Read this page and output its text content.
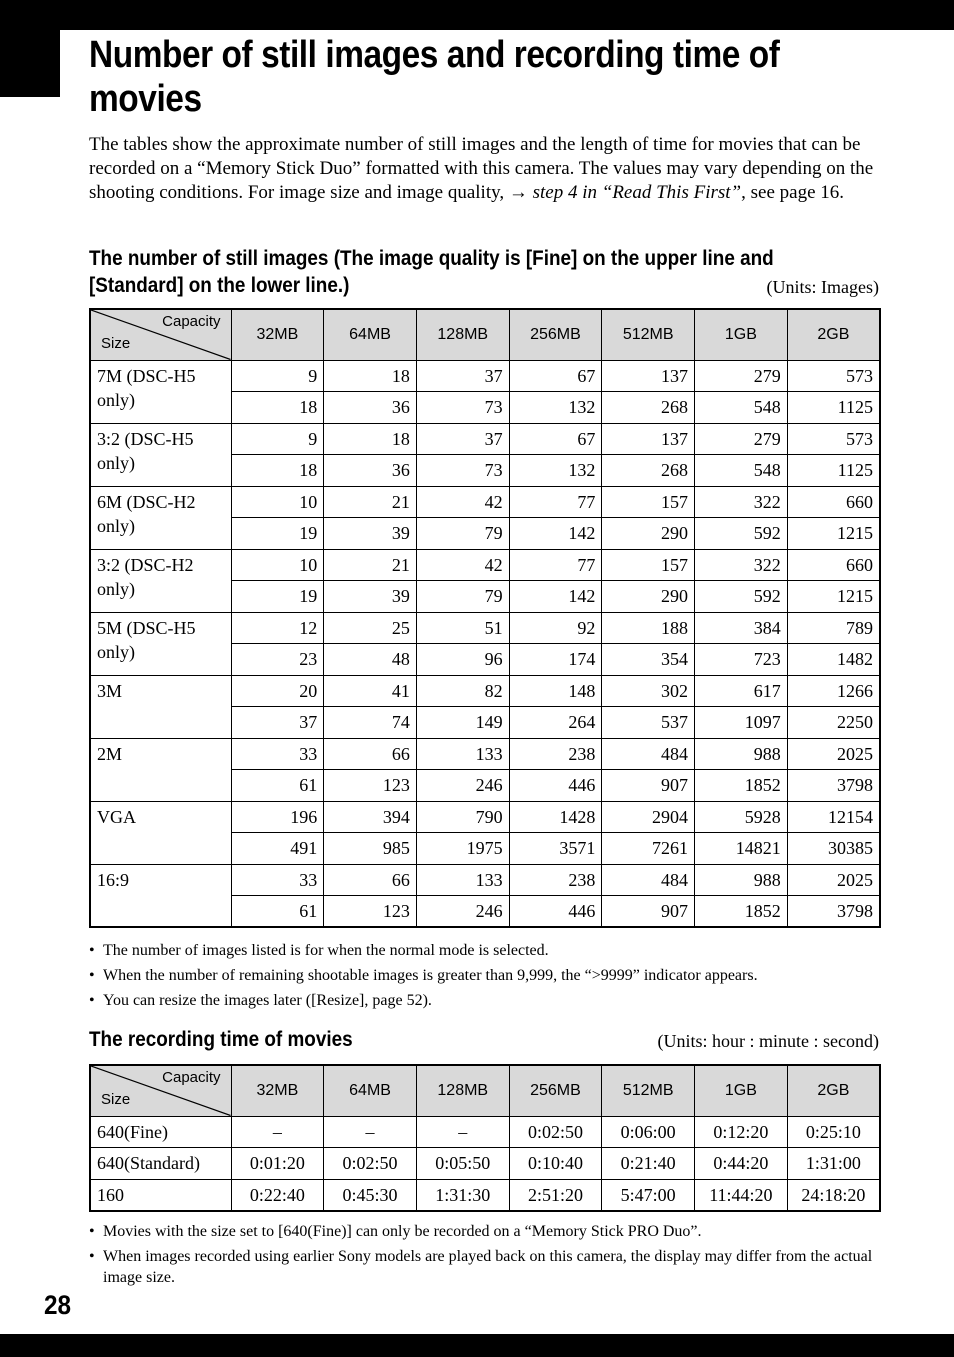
Number of still images and recording time of movies

The tables show the approximate number of still images and the length of time for movies that can be recorded on a “Memory Stick Duo” formatted with this camera. The values may vary depending on the shooting conditions. For image size and image quality, → step 4 in “Read This First”, see page 16.

The number of still images (The image quality is [Fine] on the upper line and [Standard] on the lower line.)	(Units: Images)
Capacity
Size	32MB	64MB	128MB	256MB	512MB	1GB	2GB
7M (DSC-H5 only)	9	18	37	67	137	279	573
	18	36	73	132	268	548	1125
3:2 (DSC-H5 only)	9	18	37	67	137	279	573
	18	36	73	132	268	548	1125
6M (DSC-H2 only)	10	21	42	77	157	322	660
	19	39	79	142	290	592	1215
3:2 (DSC-H2 only)	10	21	42	77	157	322	660
	19	39	79	142	290	592	1215
5M (DSC-H5 only)	12	25	51	92	188	384	789
	23	48	96	174	354	723	1482
3M	20	41	82	148	302	617	1266
	37	74	149	264	537	1097	2250
2M	33	66	133	238	484	988	2025
	61	123	246	446	907	1852	3798
VGA	196	394	790	1428	2904	5928	12154
	491	985	1975	3571	7261	14821	30385
16:9	33	66	133	238	484	988	2025
	61	123	246	446	907	1852	3798
• The number of images listed is for when the normal mode is selected.
• When the number of remaining shootable images is greater than 9,999, the “>9999” indicator appears.
• You can resize the images later ([Resize], page 52).
The recording time of movies	(Units: hour : minute : second)
Capacity
Size	32MB	64MB	128MB	256MB	512MB	1GB	2GB
640(Fine)	–	–	–	0:02:50	0:06:00	0:12:20	0:25:10
640(Standard)	0:01:20	0:02:50	0:05:50	0:10:40	0:21:40	0:44:20	1:31:00
160	0:22:40	0:45:30	1:31:30	2:51:20	5:47:00	11:44:20	24:18:20
• Movies with the size set to [640(Fine)] can only be recorded on a “Memory Stick PRO Duo”.
• When images recorded using earlier Sony models are played back on this camera, the display may differ from the actual image size.
28
